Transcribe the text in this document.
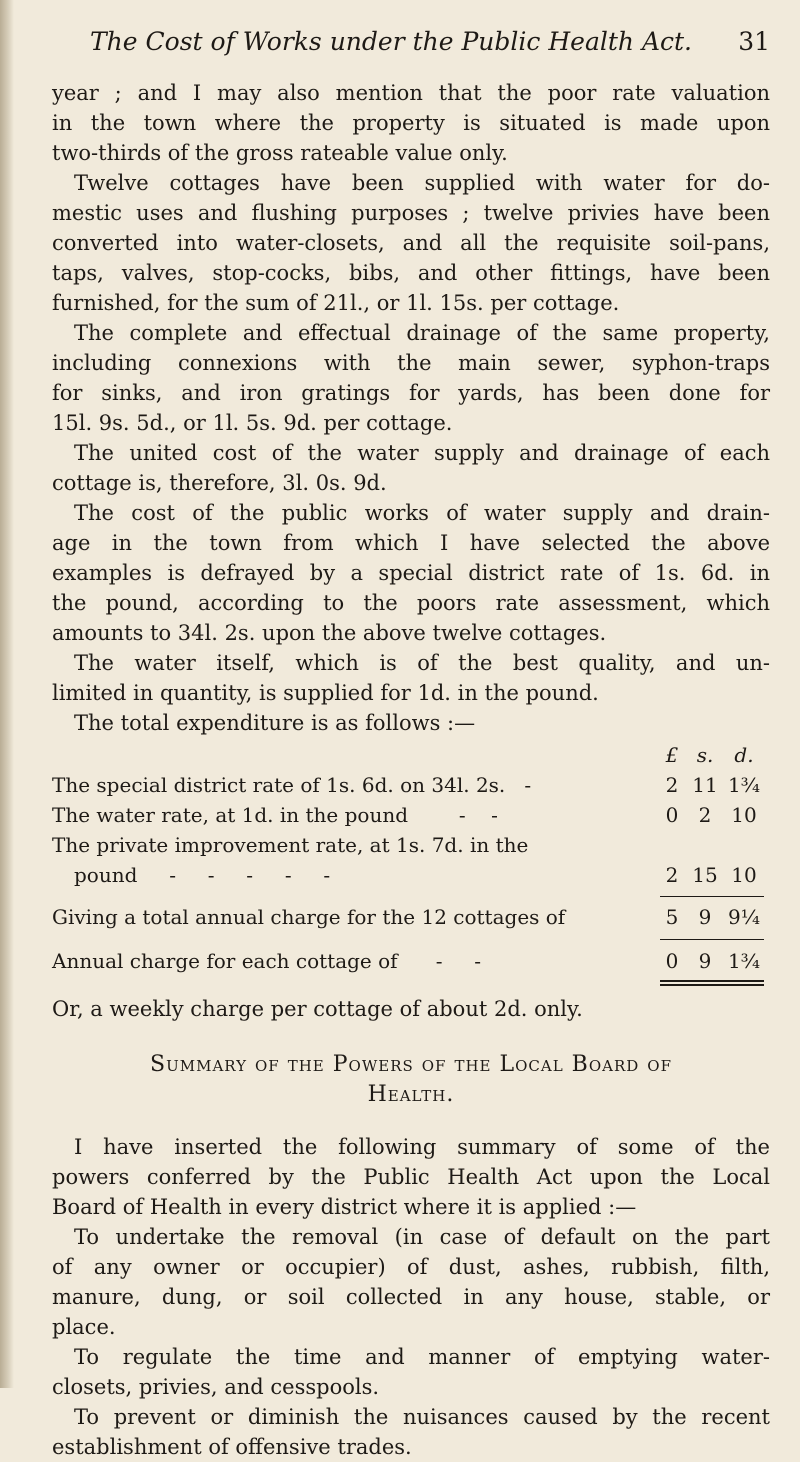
The Cost of Works under the Public Health Act. 31
year ; and I may also mention that the poor rate valuation
in the town where the property is situated is made upon
two-thirds of the gross rateable value only.
Twelve cottages have been supplied with water for do-
mestic uses and flushing purposes ; twelve privies have been
converted into water-closets, and all the requisite soil-pans,
taps, valves, stop-cocks, bibs, and other fittings, have been
furnished, for the sum of 21l., or 1l. 15s. per cottage.
The complete and effectual drainage of the same property,
including connexions with the main sewer, syphon-traps
for sinks, and iron gratings for yards, has been done for
15l. 9s. 5d., or 1l. 5s. 9d. per cottage.
The united cost of the water supply and drainage of each
cottage is, therefore, 3l. 0s. 9d.
The cost of the public works of water supply and drain-
age in the town from which I have selected the above
examples is defrayed by a special district rate of 1s. 6d. in
the pound, according to the poors rate assessment, which
amounts to 34l. 2s. upon the above twelve cottages.
The water itself, which is of the best quality, and un-
limited in quantity, is supplied for 1d. in the pound.
The total expenditure is as follows :—
£ s.	d.
The special district rate of 1s. 6d. on 34l. 2s.   -	2 11 1¾
The water rate, at 1d. in the pound        -    -	0	2 10
The private improvement rate, at 1s. 7d. in the
pound     -     -     -     -     -	2 15 10
Giving a total annual charge for the 12 cottages of	5	9 9¼
Annual charge for each cottage of      -     -	0	9 1¾
Or, a weekly charge per cottage of about 2d. only.
Summary of the Powers of the Local Board of
Health.
I have inserted the following summary of some of the
powers conferred by the Public Health Act upon the Local
Board of Health in every district where it is applied :—
To undertake the removal (in case of default on the part
of any owner or occupier) of dust, ashes, rubbish, filth,
manure, dung, or soil collected in any house, stable, or
place.
To regulate the time and manner of emptying water-
closets, privies, and cesspools.
To prevent or diminish the nuisances caused by the recent
establishment of offensive trades.
